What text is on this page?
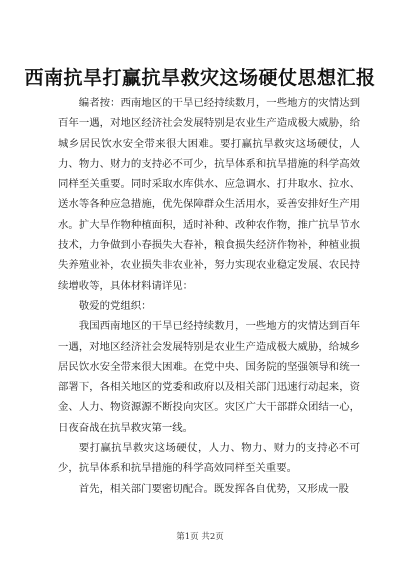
西南抗旱打赢抗旱救灾这场硬仗思想汇报

编者按：西南地区的干旱已经持续数月，一些地方的灾情达到百年一遇，对地区经济社会发展特别是农业生产造成极大威胁，给城乡居民饮水安全带来很大困难。要打赢抗旱救灾这场硬仗，人力、物力、财力的支持必不可少，抗旱体系和抗旱措施的科学高效同样至关重要。同时采取水库供水、应急调水、打井取水、拉水、送水等各种应急措施，优先保障群众生活用水，妥善安排好生产用水。扩大旱作物种植面积，适时补种、改种农作物，推广抗旱节水技术，力争做到小春损失大春补，粮食损失经济作物补，种植业损失养殖业补，农业损失非农业补，努力实现农业稳定发展、农民持续增收等，具体材料请详见：

敬爱的党组织：

我国西南地区的干旱已经持续数月，一些地方的灾情达到百年一遇，对地区经济社会发展特别是农业生产造成极大威胁，给城乡居民饮水安全带来很大困难。在党中央、国务院的坚强领导和统一部署下，各相关地区的党委和政府以及相关部门迅速行动起来，资金、人力、物资源源不断投向灾区。灾区广大干部群众团结一心，日夜奋战在抗旱救灾第一线。

要打赢抗旱救灾这场硬仗，人力、物力、财力的支持必不可少，抗旱体系和抗旱措施的科学高效同样至关重要。

首先，相关部门要密切配合。既发挥各自优势，又形成一股

第1页 共2页
